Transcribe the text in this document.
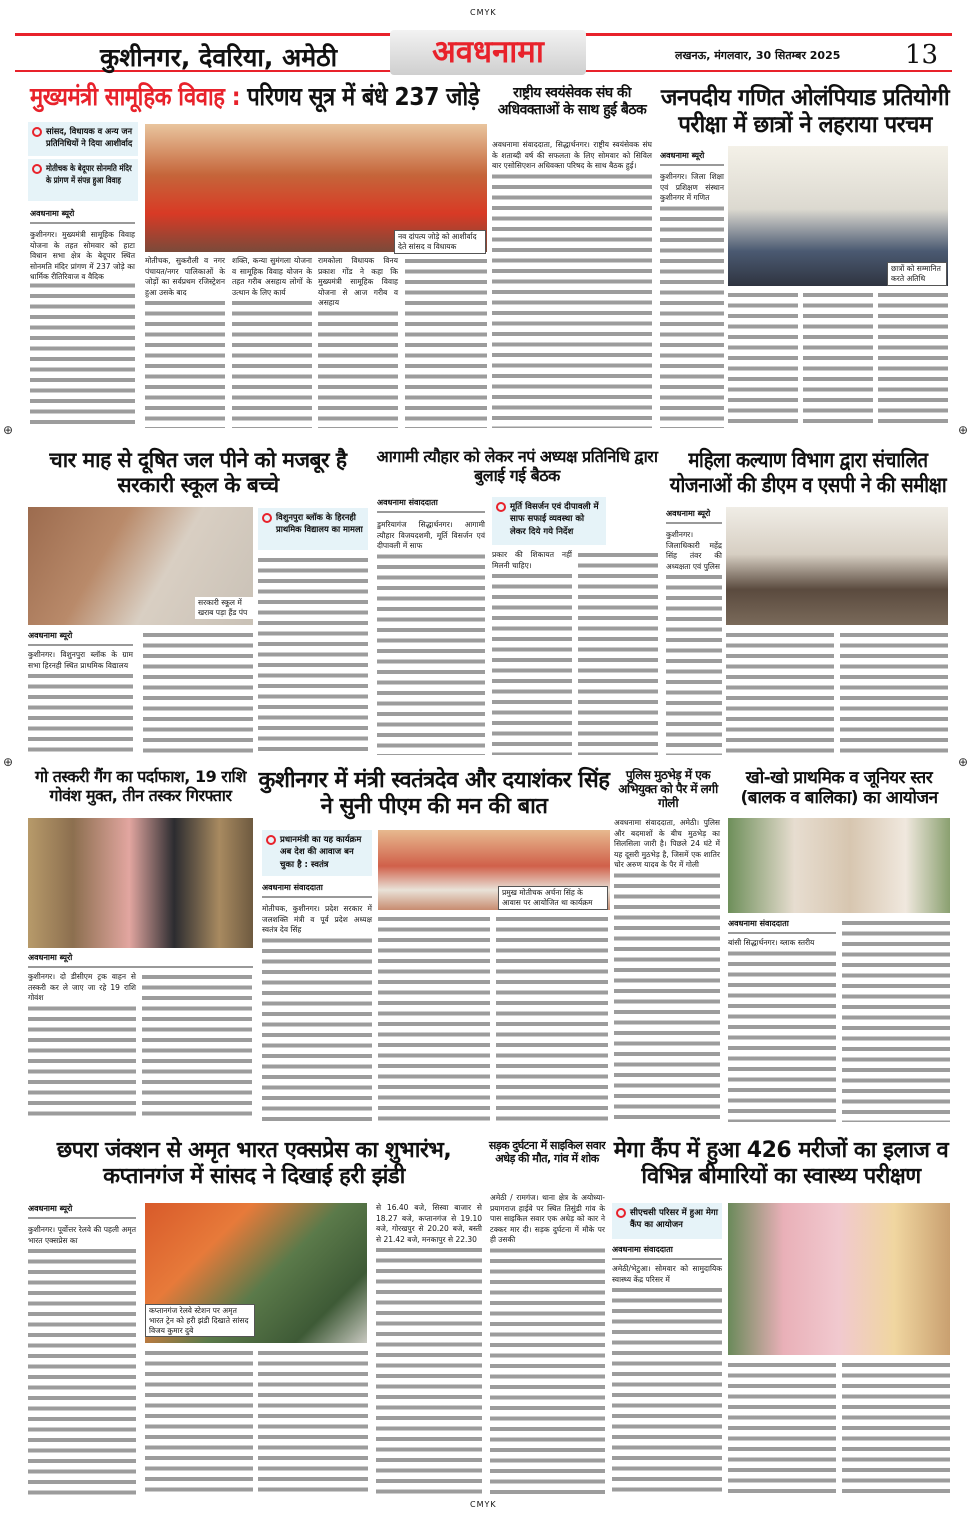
CMYK
कुशीनगर, देवरिया, अमेठी	अवधनामा	लखनऊ, मंगलवार, 30 सितम्बर 2025 13
मुख्यमंत्री सामूहिक विवाह : परिणय सूत्र में बंधे 237 जोड़े
सांसद, विधायक व अन्य जन प्रतिनिधियों ने दिया आशीर्वाद
मोतीचक के बेदूपार सोनमति मंदिर के प्रांगण में संपन्न हुआ विवाह
अवधनामा ब्यूरो
नव दांपत्य जोड़े को आशीर्वाद देते सांसद व विधायक
कुशीनगर। मुख्यमंत्री सामूहिक विवाह योजना के तहत सोमवार को हाटा विधान सभा क्षेत्र के बेदूपार स्थित सोनमति मंदिर प्रांगण में 237 जोड़े का धार्मिक रीतिरिवाज व वैदिक
मोतीचक, सुकरौली व नगर पंचायत/नगर पालिकाओं के जोड़ों का सर्वप्रथम रजिस्ट्रेशन हुआ उसके बाद
शक्ति, कन्या सुमंगला योजना व सामूहिक विवाह योजन के तहत गरीब असहाय लोगों के उत्थान के लिए कार्य
रामकोला विधायक विनय प्रकाश गोंड ने कहा कि मुख्यमंत्री सामूहिक विवाह योजना से आज गरीब व असहाय
राष्ट्रीय स्वयंसेवक संघ की अधिवक्ताओं के साथ हुई बैठक
अवधनामा संवाददाता, सिद्धार्थनगर। राष्ट्रीय स्वयंसेवक संघ के शताब्दी वर्ष की सफलता के लिए सोमवार को सिविल बार एसोसिएशन अधिवक्ता परिषद के साथ बैठक हुई।
जनपदीय गणित ओलंपियाड प्रतियोगी परीक्षा में छात्रों ने लहराया परचम
अवधनामा ब्यूरो
छात्रों को सम्मानित करते अतिथि
कुशीनगर। जिला शिक्षा एवं प्रशिक्षण संस्थान कुशीनगर में गणित
⊕	⊕
चार माह से दूषित जल पीने को मजबूर है सरकारी स्कूल के बच्चे
सरकारी स्कूल में खराब पड़ा हैंड पंप
विशुनपुरा ब्लॉक के हिरनही प्राथमिक विद्यालय का मामला
अवधनामा ब्यूरो
कुशीनगर। विशुनपुरा ब्लॉक के ग्राम सभा हिरनही स्थित प्राथमिक विद्यालय
आगामी त्यौहार को लेकर नपं अध्यक्ष प्रतिनिधि द्वारा बुलाई गई बैठक
अवधनामा संवाददाता	मूर्ति विसर्जन एवं दीपावली में साफ सफाई व्यवस्था को लेकर दिये गये निर्देश
डुमरियागंज सिद्धार्थनगर। आगामी त्यौहार विजयदशमी, मूर्ति विसर्जन एवं दीपावली में साफ
प्रकार की शिकायत नहीं मिलनी चाहिए।
महिला कल्याण विभाग द्वारा संचालित योजनाओं की डीएम व एसपी ने की समीक्षा
अवधनामा ब्यूरो
कुशीनगर। जिलाधिकारी महेंद्र सिंह तंवर की अध्यक्षता एवं पुलिस
⊕	⊕
गो तस्करी गैंग का पर्दाफाश, 19 राशि गोवंश मुक्त, तीन तस्कर गिरफ्तार
अवधनामा ब्यूरो
कुशीनगर। दो डीसीएम ट्रक वाहन से तस्करी कर ले जाए जा रहे 19 राशि गोवंश
कुशीनगर में मंत्री स्वतंत्रदेव और दयाशंकर सिंह ने सुनी पीएम की मन की बात
प्रधानमंत्री का यह कार्यक्रम अब देश की आवाज बन चुका है : स्वतंत्र
प्रमुख मोतीचक अर्चना सिंह के आवास पर आयोजित था कार्यक्रम
अवधनामा संवाददाता
मोतीचक, कुशीनगर। प्रदेश सरकार में जलशक्ति मंत्री व पूर्व प्रदेश अध्यक्ष स्वतंत्र देव सिंह
पुलिस मुठभेड़ में एक अभियुक्त को पैर में लगी गोली
अवधनामा संवाददाता, अमेठी। पुलिस और बदमाशों के बीच मुठभेड़ का सिलसिला जारी है। पिछले 24 घंटे में यह दूसरी मुठभेड़ है, जिसमें एक शातिर चोर अरुण यादव के पैर में गोली
खो-खो प्राथमिक व जूनियर स्तर (बालक व बालिका) का आयोजन
अवधनामा संवाददाता
बांसी सिद्धार्थनगर। ब्लाक स्तरीय
छपरा जंक्शन से अमृत भारत एक्सप्रेस का शुभारंभ, कप्तानगंज में सांसद ने दिखाई हरी झंडी
अवधनामा ब्यूरो
कप्तानगंज रेलवे स्टेशन पर अमृत भारत ट्रेन को हरी झंडी दिखाते सांसद विजय कुमार दुबे
कुशीनगर। पूर्वोत्तर रेलवे की पहली अमृत भारत एक्सप्रेस का
से 16.40 बजे, सिस्वा बाजार से 18.27 बजे, कप्तानगंज से 19.10 बजे, गोरखपुर से 20.20 बजे, बस्ती से 21.42 बजे, मनकापुर से 22.30
सड़क दुर्घटना में साइकिल सवार अधेड़ की मौत, गांव में शोक
अमेठी / रामगंज। थाना क्षेत्र के अयोध्या-प्रयागराज हाईवे पर स्थित तिसुंडी गांव के पास साइकिल सवार एक अधेड़ को कार ने टक्कर मार दी। सड़क दुर्घटना में मौके पर ही उसकी
मेगा कैंप में हुआ 426 मरीजों का इलाज व विभिन्न बीमारियों का स्वास्थ्य परीक्षण
सीएचसी परिसर में हुआ मेगा कैंप का आयोजन
अवधनामा संवाददाता
अमेठी/भेटुआ। सोमवार को सामुदायिक स्वास्थ्य केंद्र परिसर में
CMYK
